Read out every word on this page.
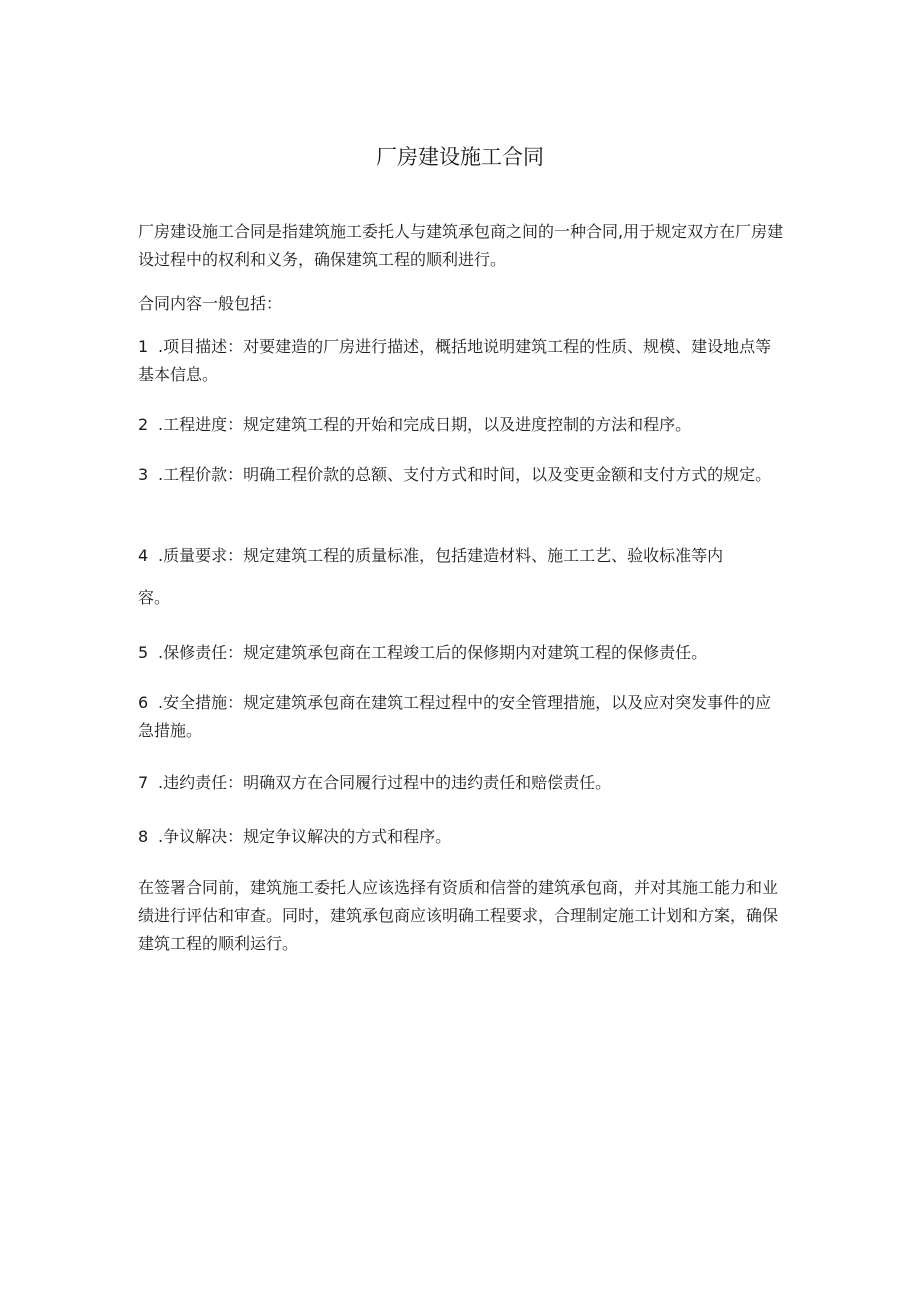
厂房建设施工合同

厂房建设施工合同是指建筑施工委托人与建筑承包商之间的一种合同,用于规定双方在厂房建设过程中的权利和义务，确保建筑工程的顺利进行。

合同内容一般包括：

1 .项目描述：对要建造的厂房进行描述，概括地说明建筑工程的性质、规模、建设地点等基本信息。

2 .工程进度：规定建筑工程的开始和完成日期，以及进度控制的方法和程序。

3 .工程价款：明确工程价款的总额、支付方式和时间，以及变更金额和支付方式的规定。

4 .质量要求：规定建筑工程的质量标准，包括建造材料、施工工艺、验收标准等内

容。

5 .保修责任：规定建筑承包商在工程竣工后的保修期内对建筑工程的保修责任。

6 .安全措施：规定建筑承包商在建筑工程过程中的安全管理措施，以及应对突发事件的应急措施。

7 .违约责任：明确双方在合同履行过程中的违约责任和赔偿责任。

8 .争议解决：规定争议解决的方式和程序。

在签署合同前，建筑施工委托人应该选择有资质和信誉的建筑承包商，并对其施工能力和业绩进行评估和审查。同时，建筑承包商应该明确工程要求，合理制定施工计划和方案，确保建筑工程的顺利运行。
